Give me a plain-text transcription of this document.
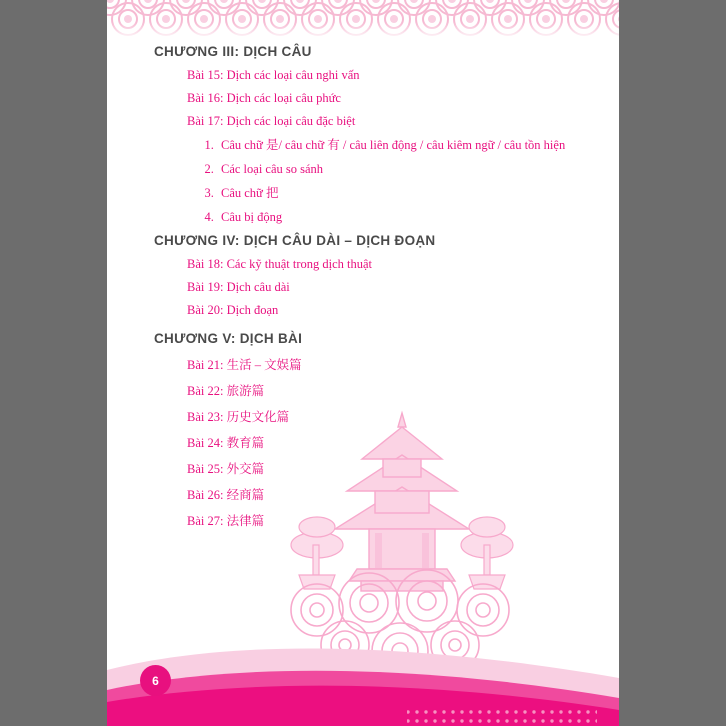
CHƯƠNG III: DỊCH CÂU
Bài 15: Dịch các loại câu nghi vấn
Bài 16: Dịch các loại câu phức
Bài 17: Dịch các loại câu đặc biệt
1. Câu chữ 是/ câu chữ 有 / câu liên động / câu kiêm ngữ / câu tồn hiện
2. Các loại câu so sánh
3. Câu chữ 把
4. Câu bị động
CHƯƠNG IV: DỊCH CÂU DÀI – DỊCH ĐOẠN
Bài 18: Các kỹ thuật trong dịch thuật
Bài 19: Dịch câu dài
Bài 20: Dịch đoạn
CHƯƠNG V: DỊCH BÀI
Bài 21: 生活 – 文娱篇
Bài 22: 旅游篇
Bài 23: 历史文化篇
Bài 24: 教育篇
Bài 25: 外交篇
Bài 26: 经商篇
Bài 27: 法律篇
6
